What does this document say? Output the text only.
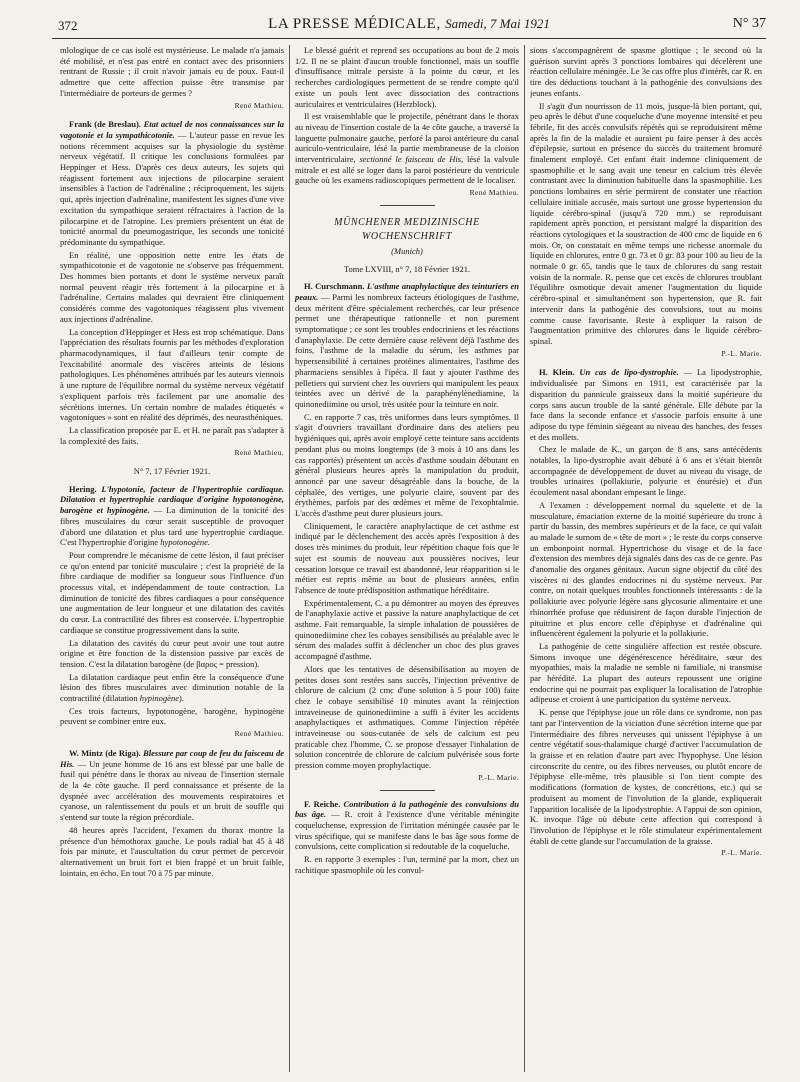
372	LA PRESSE MÉDICALE, Samedi, 7 Mai 1921	N° 37

mlologique de ce cas isolé est mystérieuse. Le malade n'a jamais été mobilisé, et n'est pas entré en contact avec des prisonniers rentrant de Russie ; il croit n'avoir jamais eu de poux. Faut-il admettre que cette affection puisse être transmise par l'intermédiaire de porteurs de germes ?

René Mathieu.

Frank (de Breslau). Etat actuel de nos connaissances sur la vagotonie et la sympathicotonie. — L'auteur passe en revue les notions récemment acquises sur la physiologie du système nerveux végétatif. Il critique les conclusions formulées par Heppinger et Hess. D'après ces deux auteurs, les sujets qui réagissent fortement aux injections de pilocarpine seraient insensibles à l'action de l'adrénaline ; réciproquement, les sujets qui, après injection d'adrénaline, manifestent les signes d'une vive excitation du sympathique seraient réfractaires à l'action de la pilocarpine et de l'atropine. Les premiers présentent un état de tonicité anormal du pneumogastrique, les seconds une tonicité prédominante du sympathique.

En réalité, une opposition nette entre les états de sympathicotonie et de vagotonie ne s'observe pas fréquemment. Des hommes bien portants et dont le système nerveux paraît normal peuvent réagir très fortement à la pilocarpine et à l'adrénaline. Certains malades qui devraient être cliniquement considérés comme des vagotoniques réagissent plus vivement aux injections d'adrénaline.

La conception d'Heppinger et Hess est trop schématique. Dans l'appréciation des résultats fournis par les méthodes d'exploration pharmacodynamiques, il faut d'ailleurs tenir compte de l'excitabilité anormale des viscères atteints de lésions pathologiques. Les phénomènes attribués par les auteurs viennois à une rupture de l'équilibre normal du système nerveux végétatif s'expliquent parfois très facilement par une anomalie des sécrétions internes. Un certain nombre de malades étiquetés « vagotoniques » sont en réalité des déprimés, des neurasthéniques.

La classification proposée par E. et H. ne paraît pas s'adapter à la complexité des faits.

René Mathieu.

N° 7, 17 Février 1921.

Hering. L'hypotonie, facteur de l'hypertrophie cardiaque. Dilatation et hypertrophie cardiaque d'origine hypotonogène, barogène et hypinogène. — La diminution de la tonicité des fibres musculaires du cœur serait susceptible de provoquer d'abord une dilatation et plus tard une hypertrophie cardiaque. C'est l'hypertrophie d'origine hypotonogène.

Pour comprendre le mécanisme de cette lésion, il faut préciser ce qu'on entend par tonicité musculaire ; c'est la propriété de la fibre cardiaque de modifier sa longueur sous l'influence d'un processus vital, et indépendamment de toute contraction. La diminution de tonicité des fibres cardiaques a pour conséquence une augmentation de leur longueur et une dilatation des cavités du cœur. La contractilité des fibres est conservée. L'hypertrophie cardiaque se constitue progressivement dans la suite.

La dilatation des cavités du cœur peut avoir une tout autre origine et être fonction de la distension passive par excès de tension. C'est la dilatation barogène (de βαρος = pression).

La dilatation cardiaque peut enfin être la conséquence d'une lésion des fibres musculaires avec diminution notable de la contractilité (dilatation hypinogène).

Ces trois facteurs, hypotonogène, barogène, hypinogène peuvent se combiner entre eux.

René Mathieu.

W. Mintz (de Riga). Blessure par coup de feu du faisceau de His. — Un jeune homme de 16 ans est blessé par une balle de fusil qui pénètre dans le thorax au niveau de l'insertion sternale de la 4e côte gauche. Il perd connaissance et présente de la dyspnée avec accélération des mouvements respiratoires et cyanose, un ralentissement du pouls et un bruit de souffle qui s'entend sur toute la région précordiale.

48 heures après l'accident, l'examen du thorax montre la présence d'un hémothorax gauche. Le pouls radial bat 45 à 48 fois par minute, et l'auscultation du cœur permet de percevoir alternativement un bruit fort et bien frappé et un bruit faible, lointain, en écho. En tout 70 à 75 par minute.

Le blessé guérit et reprend ses occupations au bout de 2 mois 1/2. Il ne se plaint d'aucun trouble fonctionnel, mais un souffle d'insuffisance mitrale persiste à la pointe du cœur, et les recherches cardiologiques permettent de se rendre compte qu'il existe un pouls lent avec dissociation des contractions auriculaires et ventriculaires (Herzblock).

Il est vraisemblable que le projectile, pénétrant dans le thorax au niveau de l'insertion costale de la 4e côte gauche, a traversé la languette pulmonaire gauche, perforé la paroi antérieure du canal auriculo-ventriculaire, lésé la partie membraneuse de la cloison interventriculaire, sectionné le faisceau de His, lésé la valvule mitrale et est allé se loger dans la paroi postérieure du ventricule gauche où les examens radioscopiques permettent de le localiser.

René Mathieu.
MÜNCHENER MEDIZINISCHE WOCHENSCHRIFT
(Munich)

Tome LXVIII, n° 7, 18 Février 1921.

H. Curschmann. L'asthme anaphylactique des teinturiers en peaux. — Parmi les nombreux facteurs étiologiques de l'asthme, deux méritent d'être spécialement recherchés, car leur présence permet une thérapeutique rationnelle et non purement symptomatique ; ce sont les troubles endocriniens et les réactions d'anaphylaxie. De cette dernière cause relèvent déjà l'asthme des foins, l'asthme de la maladie du sérum, les asthmes par hypersensibilité à certaines protéines alimentaires, l'asthme des pharmaciens sensibles à l'ipéca. Il faut y ajouter l'asthme des pelletiers qui survient chez les ouvriers qui manipulent les peaux teintées avec un dérivé de la paraphénylènediamine, la quinonediimine ou ursol, très usitée pour la teinture en noir.

C. en rapporte 7 cas, très uniformes dans leurs symptômes. Il s'agit d'ouvriers travaillant d'ordinaire dans des ateliers peu hygiéniques qui, après avoir employé cette teinture sans accidents pendant plus ou moins longtemps (de 3 mois à 10 ans dans les cas rapportés) présentent un accès d'asthme soudain débutant en général plusieurs heures après la manipulation du produit, annoncé par une saveur désagréable dans la bouche, de la céphalée, des vertiges, une polyurie claire, souvent par des érythèmes, parfois par des œdèmes et même de l'exophtalmie. L'accès d'asthme peut durer plusieurs jours.

Cliniquement, le caractère anaphylactique de cet asthme est indiqué par le déclenchement des accès après l'exposition à des doses très minimes du produit, leur répétition chaque fois que le sujet est soumis de nouveau aux poussières nocives, leur cessation lorsque ce travail est abandonné, leur réapparition si le métier est repris même au bout de plusieurs années, enfin l'absence de toute prédisposition asthmatique héréditaire.

Expérimentalement, C. a pu démontrer au moyen des épreuves de l'anaphylaxie active et passive la nature anaphylactique de cet asthme. Fait remarquable, la simple inhalation de poussières de quinonediimine chez les cobayes sensibilisés au préalable avec le sérum des malades suffit à déclencher un choc des plus graves accompagné d'asthme.

Alors que les tentatives de désensibilisation au moyen de petites doses sont restées sans succès, l'injection préventive de chlorure de calcium (2 cmc d'une solution à 5 pour 100) faite chez le cobaye sensibilisé 10 minutes avant la réinjection intraveineuse de quinonediimine a suffi à éviter les accidents anaphylactiques et asthmatiques. Comme l'injection répétée intraveineuse ou sous-cutanée de sels de calcium est peu praticable chez l'homme, C. se propose d'essayer l'inhalation de solution concentrée de chlorure de calcium pulvérisée sous forte pression comme moyen prophylactique.

P.-L. Marie.

F. Reiche. Contribution à la pathogénie des convulsions du bas âge. — R. croit à l'existence d'une véritable méningite coqueluchense, expression de l'irritation méningée causée par le virus spécifique, qui se manifeste dans le bas âge sous forme de convulsions, cette complication si redoutable de la coqueluche.

R. en rapporte 3 exemples : l'un, terminé par la mort, chez un rachitique spasmophile où les convul-

sions s'accompagnèrent de spasme glottique ; le second où la guérison survint après 3 ponctions lombaires qui décelèrent une réaction cellulaire méningée. Le 3e cas offre plus d'intérêt, car R. en tire des déductions touchant à la pathogénie des convulsions des jeunes enfants.

Il s'agit d'un nourrisson de 11 mois, jusque-là bien portant, qui, peu après le début d'une coqueluche d'une moyenne intensité et peu fébrile, fit des accès convulsifs répétés qui se reproduisirent même après la fin de la maladie et auraient pu faire penser à des accès d'épilepsie, surtout en présence du succès du traitement bromuré finalement employé. Cet enfant était indemne cliniquement de spasmophilie et le sang avait une teneur en calcium très élevée contrastant avec la diminution habituelle dans la spasmophilie. Les ponctions lombaires en série permirent de constater une réaction cellulaire initiale accusée, mais surtout une grosse hypertension du liquide cérébro-spinal (jusqu'à 720 mm.) se reproduisant rapidement après ponction, et persistant malgré la disparition des réactions cytologiques et la soustraction de 400 cmc de liquide en 6 mois. Or, on constatait en même temps une richesse anormale du liquide en chlorures, entre 0 gr. 73 et 0 gr. 83 pour 100 au lieu de la normale 0 gr. 65, tandis que le taux de chlorures du sang restait voisin de la normale. R. pense que cet excès de chlorures troublant l'équilibre osmotique devait amener l'augmentation du liquide cérébro-spinal et simultanément son hypertension, que R. fait intervenir dans la pathogénie des convulsions, tout au moins comme cause favorisante. Reste à expliquer la raison de l'augmentation primitive des chlorures dans le liquide cérébro-spinal.

P.-L. Marie.

H. Klein. Un cas de lipo-dystrophie. — La lipodystrophie, individualisée par Simons en 1911, est caractérisée par la disparition du pannicule graisseux dans la moitié supérieure du corps sans aucun trouble de la santé générale. Elle débute par la face dans la seconde enfance et s'associe parfois ensuite à une adipose du type féminin siégeant au niveau des hanches, des fesses et des mollets.

Chez le malade de K., un garçon de 8 ans, sans antécédents notables, la lipo-dystrophie avait débuté à 6 ans et s'était bientôt accompagnée de développement de duvet au niveau du visage, de troubles urinaires (pollakiurie, polyurie et énurésie) et d'un écoulement nasal abondant empesant le linge.

A l'examen : développement normal du squelette et de la musculature, émaciation externe de la moitié supérieure du tronc à partir du bassin, des membres supérieurs et de la face, ce qui valait au malade le surnom de « tête de mort » ; le reste du corps conserve un embonpoint normal. Hypertrichose du visage et de la face d'extension des membres déjà signalés dans des cas de ce genre. Pas d'anomalie des organes génitaux. Aucun signe objectif du côté des viscères ni des glandes endocrines ni du système nerveux. Par contre, on notait quelques troubles fonctionnels intéressants : de la pollakiurie avec polyurie légère sans glycosurie alimentaire et une rhinorrhée profuse que réduisirent de façon durable l'injection de pituitrine et plus encore celle d'épiphyse et d'adrénaline qui influencèrent également la polyurie et la pollakiurie.

La pathogénie de cette singulière affection est restée obscure. Simons invoque une dégénérescence héréditaire, sœur des myopathies, mais la maladie ne semble ni familiale, ni transmise par hérédité. La plupart des auteurs repoussent une origine endocrine qui ne pourrait pas expliquer la localisation de l'atrophie adipeuse et croient à une participation du système nerveux.

K. pense que l'épiphyse joue un rôle dans ce syndrome, non pas tant par l'intervention de la viciation d'une sécrétion interne que par l'intermédiaire des fibres nerveuses qui unissent l'épiphyse à un centre végétatif sous-thalamique chargé d'activer l'accumulation de la graisse et en relation d'autre part avec l'hypophyse. Une lésion circonscrite du centre, ou des fibres nerveuses, ou plutôt encore de l'épiphyse elle-même, très plausible si l'on tient compte des modifications (formation de kystes, de concrétions, etc.) qui se produisent au moment de l'involution de la glande, expliquerait l'apparition localisée de la lipodystrophie. A l'appui de son opinion, K. invoque l'âge où débute cette affection qui correspond à l'involution de l'épiphyse et le rôle stimulateur expérimentalement établi de cette glande sur l'accumulation de la graisse.

P.-L. Marie.
